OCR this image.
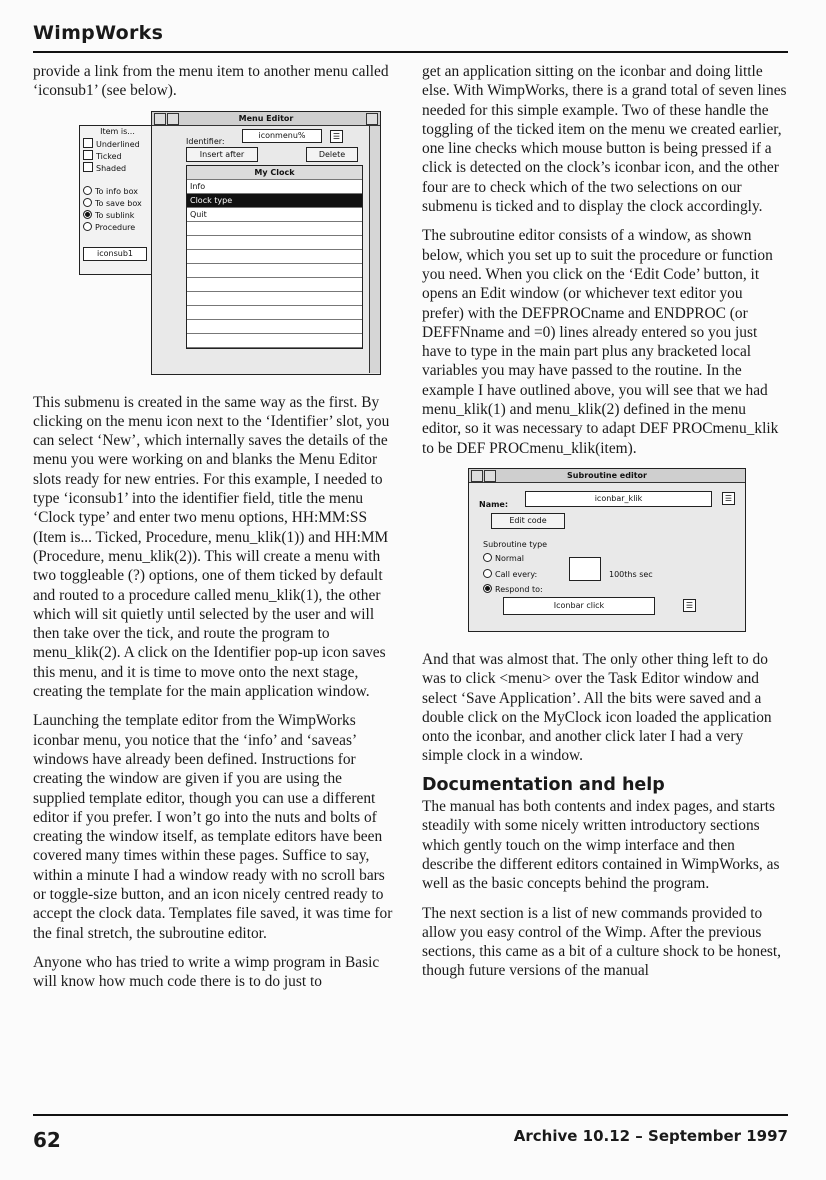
WimpWorks

provide a link from the menu item to another menu called ‘iconsub1’ (see below).

Item is...
Underlined
Ticked
Shaded
To info box
To save box
To sublink
Procedure
iconsub1
Menu Editor
Identifier:
iconmenu%	☰
Insert after	Delete
My Clock
Info
Clock type
Quit

This submenu is created in the same way as the first. By clicking on the menu icon next to the ‘Identifier’ slot, you can select ‘New’, which internally saves the details of the menu you were working on and blanks the Menu Editor slots ready for new entries. For this example, I needed to type ‘iconsub1’ into the identifier field, title the menu ‘Clock type’ and enter two menu options, HH:MM:SS (Item is... Ticked, Procedure, menu_klik(1)) and HH:MM (Procedure, menu_klik(2)). This will create a menu with two toggleable (?) options, one of them ticked by default and routed to a procedure called menu_klik(1), the other which will sit quietly until selected by the user and will then take over the tick, and route the program to menu_klik(2). A click on the Identifier pop-up icon saves this menu, and it is time to move onto the next stage, creating the template for the main application window.

Launching the template editor from the WimpWorks iconbar menu, you notice that the ‘info’ and ‘saveas’ windows have already been defined. Instructions for creating the window are given if you are using the supplied template editor, though you can use a different editor if you prefer. I won’t go into the nuts and bolts of creating the window itself, as template editors have been covered many times within these pages. Suffice to say, within a minute I had a window ready with no scroll bars or toggle-size button, and an icon nicely centred ready to accept the clock data. Templates file saved, it was time for the final stretch, the subroutine editor.

Anyone who has tried to write a wimp program in Basic will know how much code there is to do just to

get an application sitting on the iconbar and doing little else. With WimpWorks, there is a grand total of seven lines needed for this simple example. Two of these handle the toggling of the ticked item on the menu we created earlier, one line checks which mouse button is being pressed if a click is detected on the clock’s iconbar icon, and the other four are to check which of the two selections on our submenu is ticked and to display the clock accordingly.

The subroutine editor consists of a window, as shown below, which you set up to suit the procedure or function you need. When you click on the ‘Edit Code’ button, it opens an Edit window (or whichever text editor you prefer) with the DEFPROCname and ENDPROC (or DEFFNname and =0) lines already entered so you just have to type in the main part plus any bracketed local variables you may have passed to the routine. In the example I have outlined above, you will see that we had menu_klik(1) and menu_klik(2) defined in the menu editor, so it was necessary to adapt DEF PROCmenu_klik to be DEF PROCmenu_klik(item).

Subroutine editor
Name:
iconbar_klik	☰
Edit code
Subroutine type
Normal
Call every:	100ths sec
Respond to:
Iconbar click	☰

And that was almost that. The only other thing left to do was to click <menu> over the Task Editor window and select ‘Save Application’. All the bits were saved and a double click on the MyClock icon loaded the application onto the iconbar, and another click later I had a very simple clock in a window.

Documentation and help

The manual has both contents and index pages, and starts steadily with some nicely written introductory sections which gently touch on the wimp interface and then describe the different editors contained in WimpWorks, as well as the basic concepts behind the program.

The next section is a list of new commands provided to allow you easy control of the Wimp. After the previous sections, this came as a bit of a culture shock to be honest, though future versions of the manual

62	Archive 10.12 – September 1997
